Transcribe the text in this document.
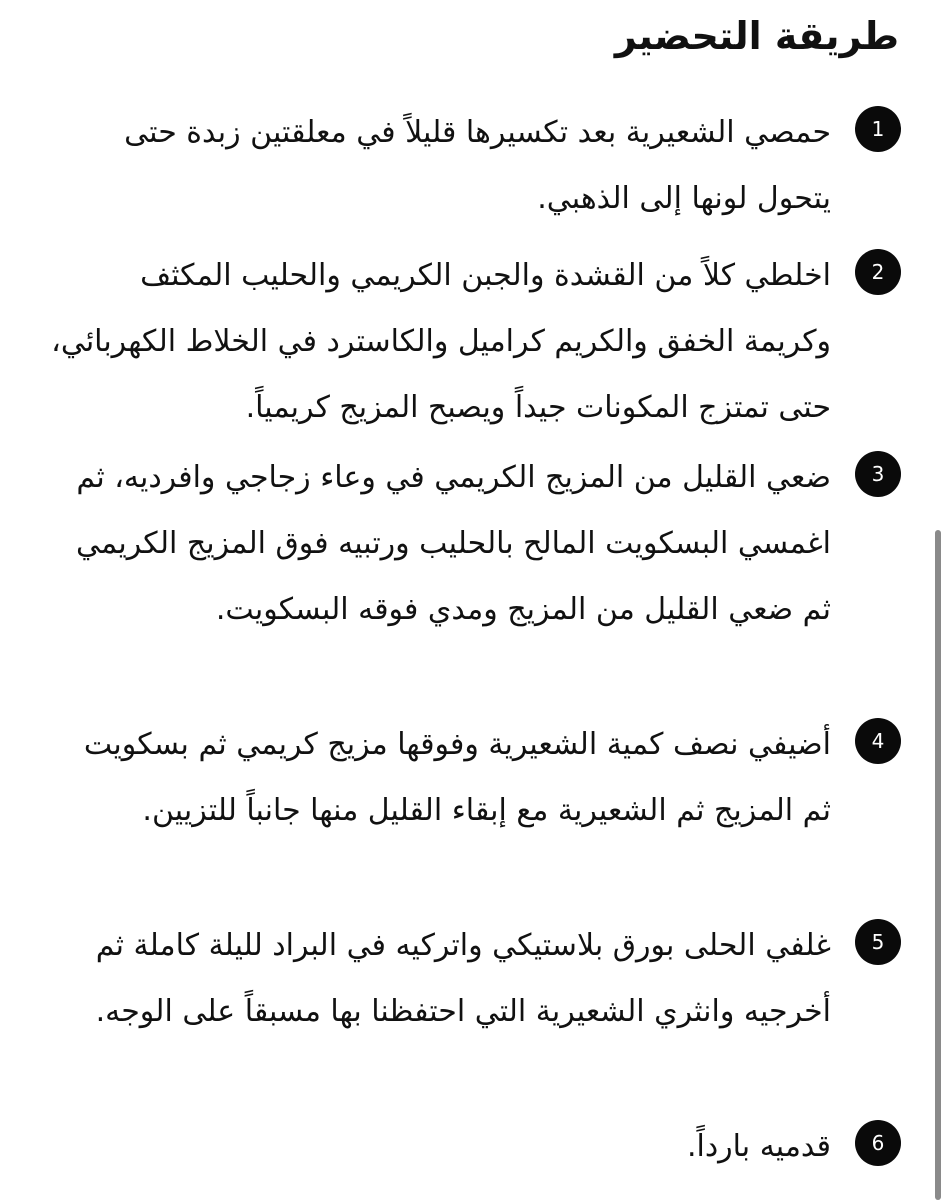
طريقة التحضير
1

حمصي الشعيرية بعد تكسيرها قليلاً في معلقتين زبدة حتى يتحول لونها إلى الذهبي.

2

اخلطي كلاً من القشدة والجبن الكريمي والحليب المكثف وكريمة الخفق والكريم كراميل والكاسترد في الخلاط الكهربائي، حتى تمتزج المكونات جيداً ويصبح المزيج كريمياً.

3

ضعي القليل من المزيج الكريمي في وعاء زجاجي وافرديه، ثم اغمسي البسكويت المالح بالحليب ورتبيه فوق المزيج الكريمي ثم ضعي القليل من المزيج ومدي فوقه البسكويت.

4

أضيفي نصف كمية الشعيرية وفوقها مزيج كريمي ثم بسكويت ثم المزيج ثم الشعيرية مع إبقاء القليل منها جانباً للتزيين.

5

غلفي الحلى بورق بلاستيكي واتركيه في البراد لليلة كاملة ثم أخرجيه وانثري الشعيرية التي احتفظنا بها مسبقاً على الوجه.

6

قدميه بارداً.
